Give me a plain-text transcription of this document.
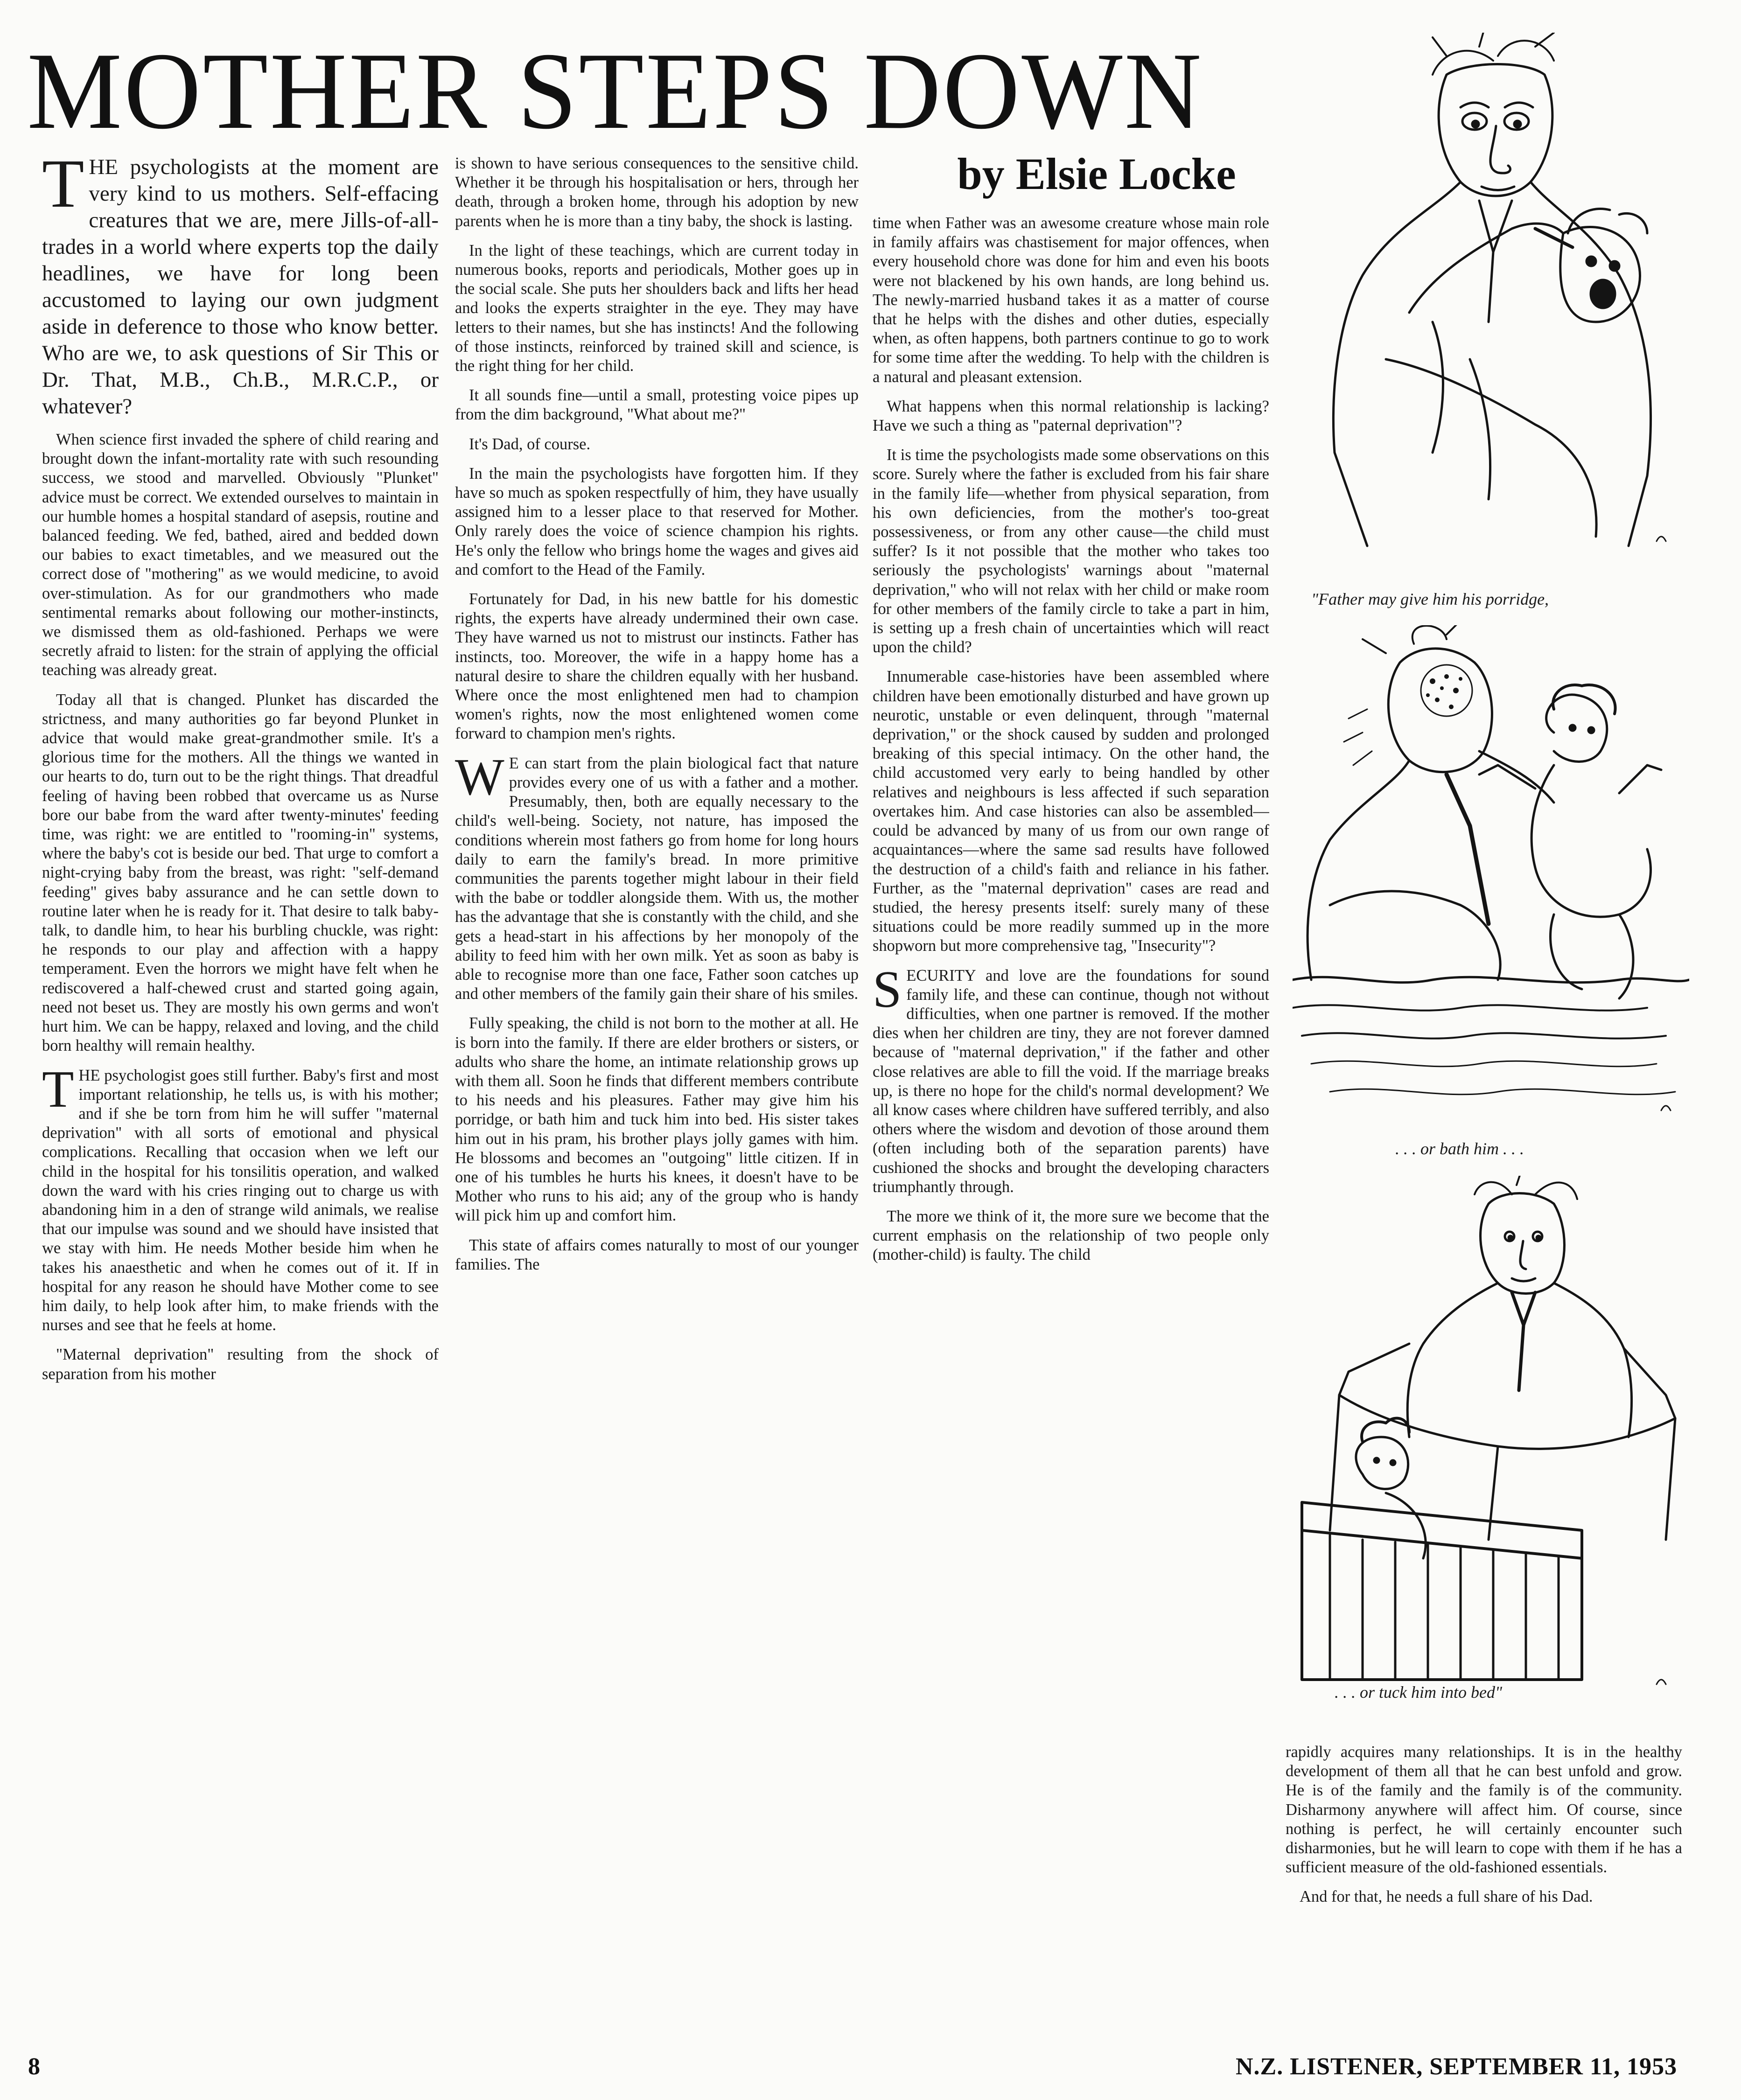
MOTHER STEPS DOWN
by Elsie Locke

THE psychologists at the moment are very kind to us mothers. Self-effacing creatures that we are, mere Jills-of-all-trades in a world where experts top the daily headlines, we have for long been accustomed to laying our own judgment aside in deference to those who know better. Who are we, to ask questions of Sir This or Dr. That, M.B., Ch.B., M.R.C.P., or whatever?

When science first invaded the sphere of child rearing and brought down the infant-mortality rate with such resounding success, we stood and marvelled. Obviously "Plunket" advice must be correct. We extended ourselves to maintain in our humble homes a hospital standard of asepsis, routine and balanced feeding. We fed, bathed, aired and bedded down our babies to exact timetables, and we measured out the correct dose of "mothering" as we would medicine, to avoid over-stimulation. As for our grandmothers who made sentimental remarks about following our mother-instincts, we dismissed them as old-fashioned. Perhaps we were secretly afraid to listen: for the strain of applying the official teaching was already great.

Today all that is changed. Plunket has discarded the strictness, and many authorities go far beyond Plunket in advice that would make great-grandmother smile. It's a glorious time for the mothers. All the things we wanted in our hearts to do, turn out to be the right things. That dreadful feeling of having been robbed that overcame us as Nurse bore our babe from the ward after twenty-minutes' feeding time, was right: we are entitled to "rooming-in" systems, where the baby's cot is beside our bed. That urge to comfort a night-crying baby from the breast, was right: "self-demand feeding" gives baby assurance and he can settle down to routine later when he is ready for it. That desire to talk baby-talk, to dandle him, to hear his burbling chuckle, was right: he responds to our play and affection with a happy temperament. Even the horrors we might have felt when he rediscovered a half-chewed crust and started going again, need not beset us. They are mostly his own germs and won't hurt him. We can be happy, relaxed and loving, and the child born healthy will remain healthy.

THE psychologist goes still further. Baby's first and most important relationship, he tells us, is with his mother; and if she be torn from him he will suffer "maternal deprivation" with all sorts of emotional and physical complications. Recalling that occasion when we left our child in the hospital for his tonsilitis operation, and walked down the ward with his cries ringing out to charge us with abandoning him in a den of strange wild animals, we realise that our impulse was sound and we should have insisted that we stay with him. He needs Mother beside him when he takes his anaesthetic and when he comes out of it. If in hospital for any reason he should have Mother come to see him daily, to help look after him, to make friends with the nurses and see that he feels at home.

"Maternal deprivation" resulting from the shock of separation from his mother

is shown to have serious consequences to the sensitive child. Whether it be through his hospitalisation or hers, through her death, through a broken home, through his adoption by new parents when he is more than a tiny baby, the shock is lasting.

In the light of these teachings, which are current today in numerous books, reports and periodicals, Mother goes up in the social scale. She puts her shoulders back and lifts her head and looks the experts straighter in the eye. They may have letters to their names, but she has instincts! And the following of those instincts, reinforced by trained skill and science, is the right thing for her child.

It all sounds fine—until a small, protesting voice pipes up from the dim background, "What about me?"

It's Dad, of course.

In the main the psychologists have forgotten him. If they have so much as spoken respectfully of him, they have usually assigned him to a lesser place to that reserved for Mother. Only rarely does the voice of science champion his rights. He's only the fellow who brings home the wages and gives aid and comfort to the Head of the Family.

Fortunately for Dad, in his new battle for his domestic rights, the experts have already undermined their own case. They have warned us not to mistrust our instincts. Father has instincts, too. Moreover, the wife in a happy home has a natural desire to share the children equally with her husband. Where once the most enlightened men had to champion women's rights, now the most enlightened women come forward to champion men's rights.

W E can start from the plain biological fact that nature provides every one of us with a father and a mother. Presumably, then, both are equally necessary to the child's well-being. Society, not nature, has imposed the conditions wherein most fathers go from home for long hours daily to earn the family's bread. In more primitive communities the parents together might labour in their field with the babe or toddler alongside them. With us, the mother has the advantage that she is constantly with the child, and she gets a head-start in his affections by her monopoly of the ability to feed him with her own milk. Yet as soon as baby is able to recognise more than one face, Father soon catches up and other members of the family gain their share of his smiles.

Fully speaking, the child is not born to the mother at all. He is born into the family. If there are elder brothers or sisters, or adults who share the home, an intimate relationship grows up with them all. Soon he finds that different members contribute to his needs and his pleasures. Father may give him his porridge, or bath him and tuck him into bed. His sister takes him out in his pram, his brother plays jolly games with him. He blossoms and becomes an "outgoing" little citizen. If in one of his tumbles he hurts his knees, it doesn't have to be Mother who runs to his aid; any of the group who is handy will pick him up and comfort him.

This state of affairs comes naturally to most of our younger families. The

time when Father was an awesome creature whose main role in family affairs was chastisement for major offences, when every household chore was done for him and even his boots were not blackened by his own hands, are long behind us. The newly-married husband takes it as a matter of course that he helps with the dishes and other duties, especially when, as often happens, both partners continue to go to work for some time after the wedding. To help with the children is a natural and pleasant extension.

What happens when this normal relationship is lacking? Have we such a thing as "paternal deprivation"?

It is time the psychologists made some observations on this score. Surely where the father is excluded from his fair share in the family life—whether from physical separation, from his own deficiencies, from the mother's too-great possessiveness, or from any other cause—the child must suffer? Is it not possible that the mother who takes too seriously the psychologists' warnings about "maternal deprivation," who will not relax with her child or make room for other members of the family circle to take a part in him, is setting up a fresh chain of uncertainties which will react upon the child?

Innumerable case-histories have been assembled where children have been emotionally disturbed and have grown up neurotic, unstable or even delinquent, through "maternal deprivation," or the shock caused by sudden and prolonged breaking of this special intimacy. On the other hand, the child accustomed very early to being handled by other relatives and neighbours is less affected if such separation overtakes him. And case histories can also be assembled—could be advanced by many of us from our own range of acquaintances—where the same sad results have followed the destruction of a child's faith and reliance in his father. Further, as the "maternal deprivation" cases are read and studied, the heresy presents itself: surely many of these situations could be more readily summed up in the more shopworn but more comprehensive tag, "Insecurity"?

SECURITY and love are the foundations for sound family life, and these can continue, though not without difficulties, when one partner is removed. If the mother dies when her children are tiny, they are not forever damned because of "maternal deprivation," if the father and other close relatives are able to fill the void. If the marriage breaks up, is there no hope for the child's normal development? We all know cases where children have suffered terribly, and also others where the wisdom and devotion of those around them (often including both of the separation parents) have cushioned the shocks and brought the developing characters triumphantly through.

The more we think of it, the more sure we become that the current emphasis on the relationship of two people only (mother-child) is faulty. The child

rapidly acquires many relationships. It is in the healthy development of them all that he can best unfold and grow. He is of the family and the family is of the community. Disharmony anywhere will affect him. Of course, since nothing is perfect, he will certainly encounter such disharmonies, but he will learn to cope with them if he has a sufficient measure of the old-fashioned essentials.

And for that, he needs a full share of his Dad.

"Father may give him his porridge,
. . . or bath him . . .
. . . or tuck him into bed"
8	N.Z. LISTENER, SEPTEMBER 11, 1953
